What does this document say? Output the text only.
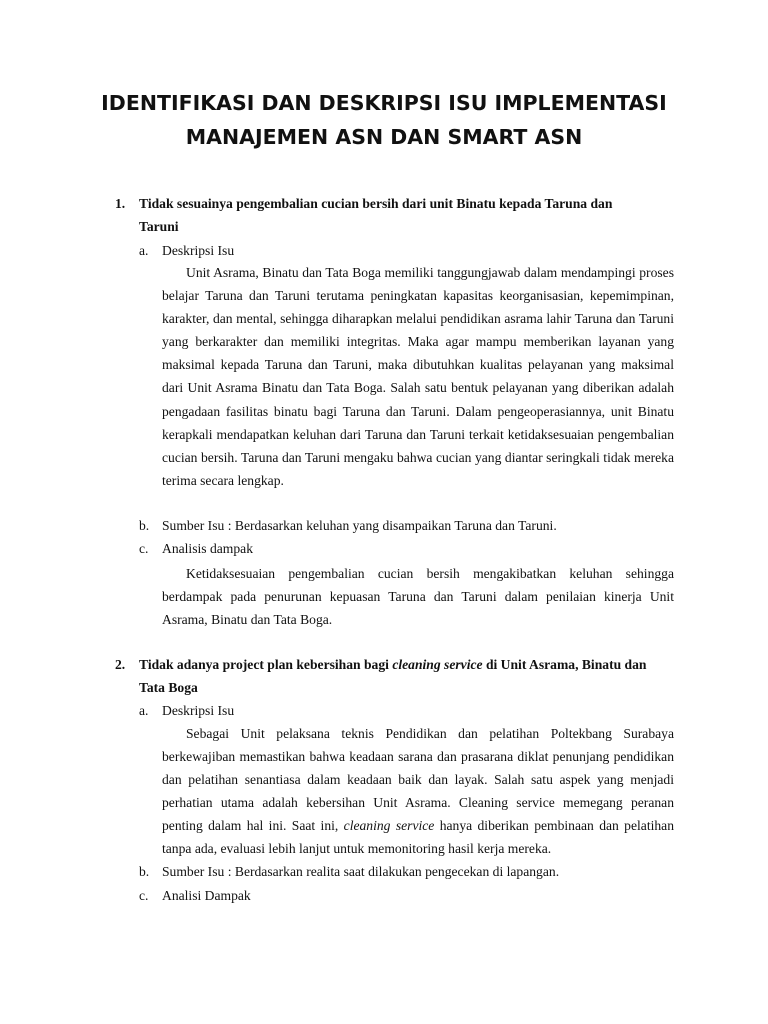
IDENTIFIKASI DAN DESKRIPSI ISU IMPLEMENTASI
MANAJEMEN ASN DAN SMART ASN
1. Tidak sesuainya pengembalian cucian bersih dari unit Binatu kepada Taruna dan
Taruni
a. Deskripsi Isu
Unit Asrama, Binatu dan Tata Boga memiliki tanggungjawab dalam mendampingi proses belajar Taruna dan Taruni terutama peningkatan kapasitas keorganisasian, kepemimpinan, karakter, dan mental, sehingga diharapkan melalui pendidikan asrama lahir Taruna dan Taruni yang berkarakter dan memiliki integritas. Maka agar mampu memberikan layanan yang maksimal kepada Taruna dan Taruni, maka dibutuhkan kualitas pelayanan yang maksimal dari Unit Asrama Binatu dan Tata Boga. Salah satu bentuk pelayanan yang diberikan adalah pengadaan fasilitas binatu bagi Taruna dan Taruni. Dalam pengeoperasiannya, unit Binatu kerapkali mendapatkan keluhan dari Taruna dan Taruni terkait ketidaksesuaian pengembalian cucian bersih. Taruna dan Taruni mengaku bahwa cucian yang diantar seringkali tidak mereka terima secara lengkap.
b. Sumber Isu : Berdasarkan keluhan yang disampaikan Taruna dan Taruni.
c. Analisis dampak
Ketidaksesuaian pengembalian cucian bersih mengakibatkan keluhan sehingga berdampak pada penurunan kepuasan Taruna dan Taruni dalam penilaian kinerja Unit Asrama, Binatu dan Tata Boga.
2. Tidak adanya project plan kebersihan bagi cleaning service di Unit Asrama, Binatu dan
Tata Boga
a. Deskripsi Isu
Sebagai Unit pelaksana teknis Pendidikan dan pelatihan Poltekbang Surabaya berkewajiban memastikan bahwa keadaan sarana dan prasarana diklat penunjang pendidikan dan pelatihan senantiasa dalam keadaan baik dan layak. Salah satu aspek yang menjadi perhatian utama adalah kebersihan Unit Asrama. Cleaning service memegang peranan penting dalam hal ini. Saat ini, cleaning service hanya diberikan pembinaan dan pelatihan tanpa ada, evaluasi lebih lanjut untuk memonitoring hasil kerja mereka.
b. Sumber Isu : Berdasarkan realita saat dilakukan pengecekan di lapangan.
c. Analisi Dampak
